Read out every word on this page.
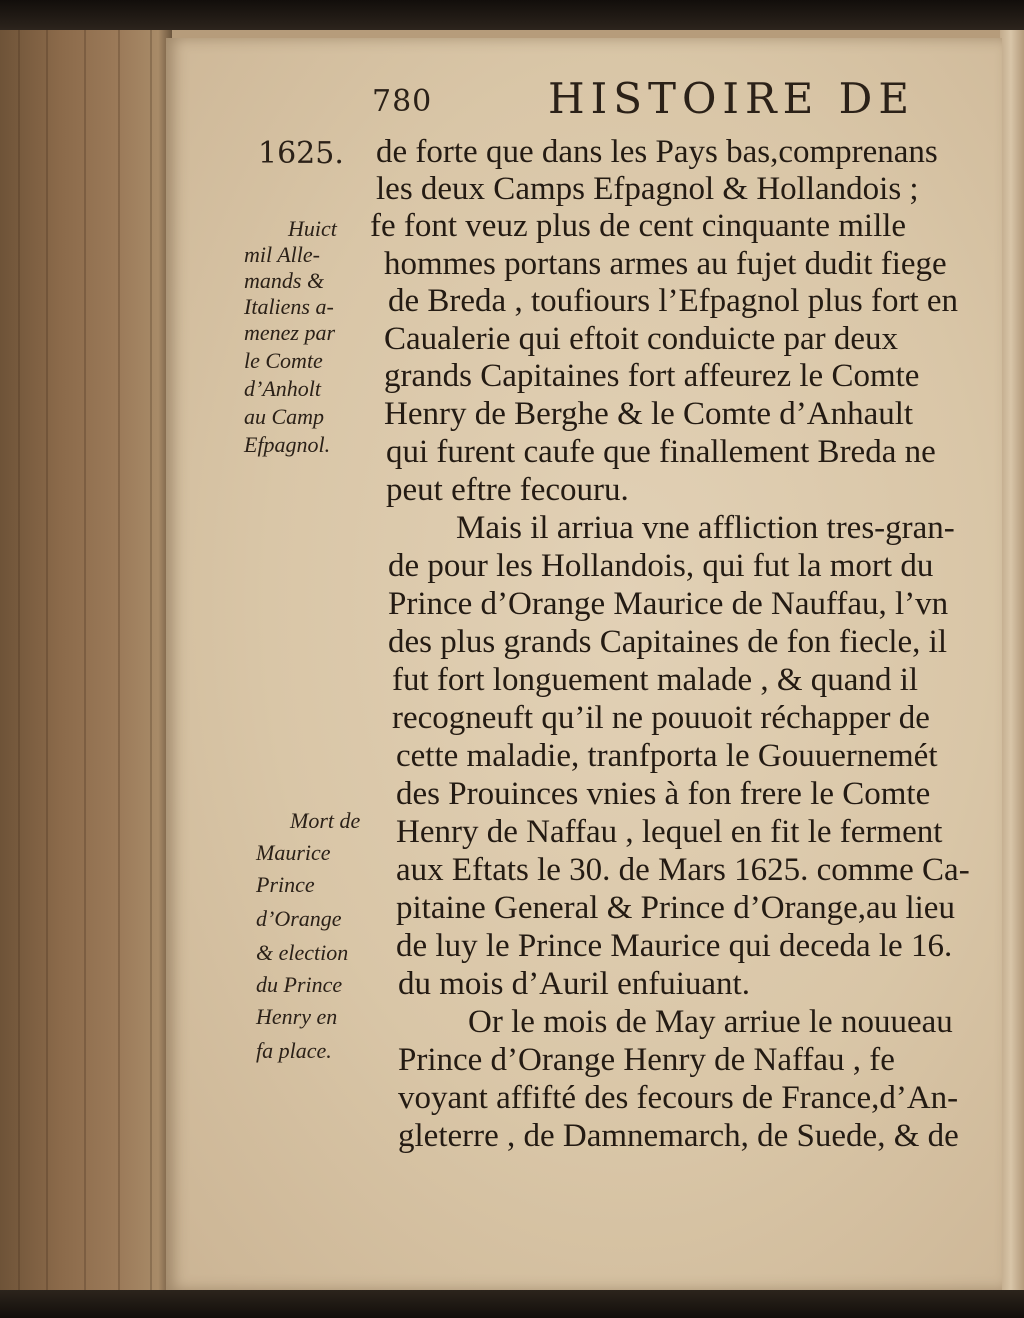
780	HISTOIRE DE
1625. de forte que dans les Pays bas,comprenans
les deux Camps Efpagnol & Hollandois ;
fe font veuz plus de cent cinquante mille
hommes portans armes au fujet dudit fiege
de Breda , toufiours l’Efpagnol plus fort en
Caualerie qui eftoit conduicte par deux
grands Capitaines fort affeurez le Comte
Henry de Berghe & le Comte d’Anhault
qui furent caufe que finallement Breda ne
peut eftre fecouru.
Mais il arriua vne affliction tres-gran-
de pour les Hollandois, qui fut la mort du
Prince d’Orange Maurice de Nauffau, l’vn
des plus grands Capitaines de fon fiecle, il
fut fort longuement malade , & quand il
recogneuft qu’il ne pouuoit réchapper de
cette maladie, tranfporta le Gouuernemét
des Prouinces vnies à fon frere le Comte
Henry de Naffau , lequel en fit le ferment
aux Eftats le 30. de Mars 1625. comme Ca-
pitaine General & Prince d’Orange,au lieu
de luy le Prince Maurice qui deceda le 16.
du mois d’Auril enfuiuant.
Or le mois de May arriue le nouueau
Prince d’Orange Henry de Naffau , fe
voyant affifté des fecours de France,d’An-
gleterre , de Damnemarch, de Suede, & de
Huict
mil Alle-
mands &
Italiens a-
menez par
le Comte
d’Anholt
au Camp
Efpagnol.
Mort de
Maurice
Prince
d’Orange
& election
du Prince
Henry en
fa place.
